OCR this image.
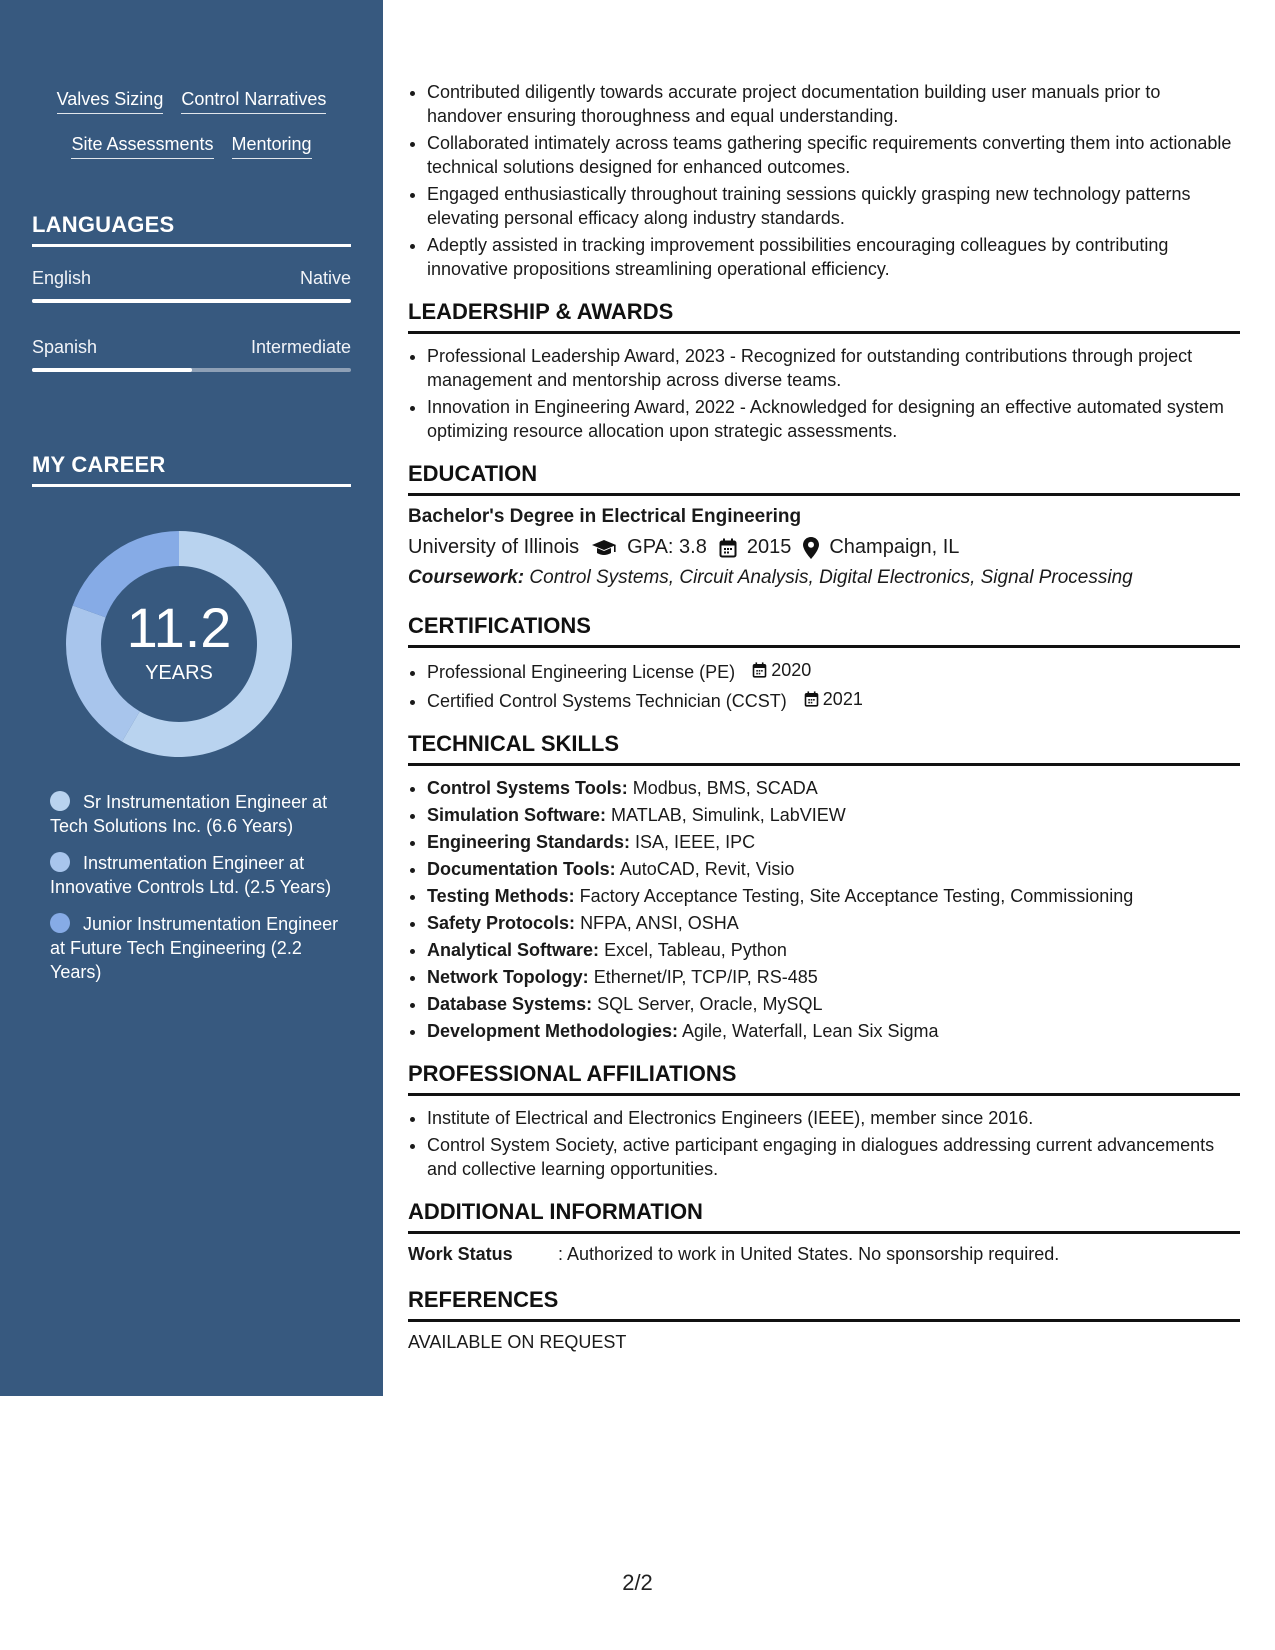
Valves Sizing Control Narratives
Site Assessments Mentoring
LANGUAGES
English	Native
Spanish	Intermediate
MY CAREER
11.2
YEARS
Sr Instrumentation Engineer at Tech Solutions Inc. (6.6 Years)
Instrumentation Engineer at Innovative Controls Ltd. (2.5 Years)
Junior Instrumentation Engineer at Future Tech Engineering (2.2 Years)
• Contributed diligently towards accurate project documentation building user manuals prior to handover ensuring thoroughness and equal understanding.
• Collaborated intimately across teams gathering specific requirements converting them into actionable technical solutions designed for enhanced outcomes.
• Engaged enthusiastically throughout training sessions quickly grasping new technology patterns elevating personal efficacy along industry standards.
• Adeptly assisted in tracking improvement possibilities encouraging colleagues by contributing innovative propositions streamlining operational efficiency.
LEADERSHIP & AWARDS
• Professional Leadership Award, 2023 - Recognized for outstanding contributions through project management and mentorship across diverse teams.
• Innovation in Engineering Award, 2022 - Acknowledged for designing an effective automated system optimizing resource allocation upon strategic assessments.
EDUCATION
Bachelor's Degree in Electrical Engineering
University of Illinois GPA: 3.8 2015 Champaign, IL
Coursework: Control Systems, Circuit Analysis, Digital Electronics, Signal Processing
CERTIFICATIONS
• Professional Engineering License (PE) 2020
• Certified Control Systems Technician (CCST) 2021
TECHNICAL SKILLS
• Control Systems Tools: Modbus, BMS, SCADA
• Simulation Software: MATLAB, Simulink, LabVIEW
• Engineering Standards: ISA, IEEE, IPC
• Documentation Tools: AutoCAD, Revit, Visio
• Testing Methods: Factory Acceptance Testing, Site Acceptance Testing, Commissioning
• Safety Protocols: NFPA, ANSI, OSHA
• Analytical Software: Excel, Tableau, Python
• Network Topology: Ethernet/IP, TCP/IP, RS-485
• Database Systems: SQL Server, Oracle, MySQL
• Development Methodologies: Agile, Waterfall, Lean Six Sigma
PROFESSIONAL AFFILIATIONS
• Institute of Electrical and Electronics Engineers (IEEE), member since 2016.
• Control System Society, active participant engaging in dialogues addressing current advancements and collective learning opportunities.
ADDITIONAL INFORMATION
Work Status	: Authorized to work in United States. No sponsorship required.
REFERENCES
AVAILABLE ON REQUEST
2/2
